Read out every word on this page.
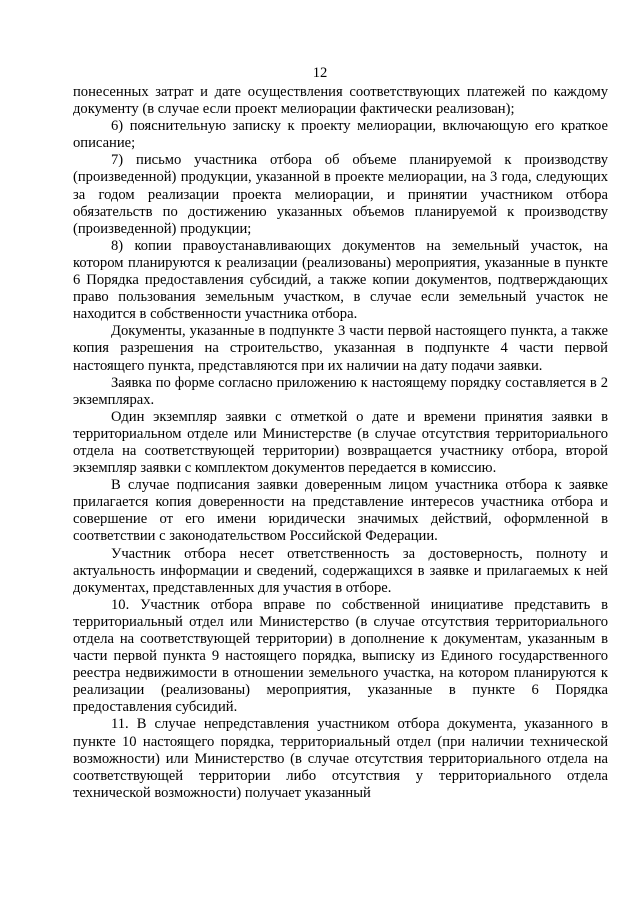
12

понесенных затрат и дате осуществления соответствующих платежей по каждому документу (в случае если проект мелиорации фактически реализован);

6) пояснительную записку к проекту мелиорации, включающую его краткое описание;

7) письмо участника отбора об объеме планируемой к производству (произведенной) продукции, указанной в проекте мелиорации, на 3 года, следующих за годом реализации проекта мелиорации, и принятии участником отбора обязательств по достижению указанных объемов планируемой к производству (произведенной) продукции;

8) копии правоустанавливающих документов на земельный участок, на котором планируются к реализации (реализованы) мероприятия, указанные в пункте 6 Порядка предоставления субсидий, а также копии документов, подтверждающих право пользования земельным участком, в случае если земельный участок не находится в собственности участника отбора.

Документы, указанные в подпункте 3 части первой настоящего пункта, а также копия разрешения на строительство, указанная в подпункте 4 части первой настоящего пункта, представляются при их наличии на дату подачи заявки.

Заявка по форме согласно приложению к настоящему порядку составляется в 2 экземплярах.

Один экземпляр заявки с отметкой о дате и времени принятия заявки в территориальном отделе или Министерстве (в случае отсутствия территориального отдела на соответствующей территории) возвращается участнику отбора, второй экземпляр заявки с комплектом документов передается в комиссию.

В случае подписания заявки доверенным лицом участника отбора к заявке прилагается копия доверенности на представление интересов участника отбора и совершение от его имени юридически значимых действий, оформленной в соответствии с законодательством Российской Федерации.

Участник отбора несет ответственность за достоверность, полноту и актуальность информации и сведений, содержащихся в заявке и прилагаемых к ней документах, представленных для участия в отборе.

10. Участник отбора вправе по собственной инициативе представить в территориальный отдел или Министерство (в случае отсутствия территориального отдела на соответствующей территории) в дополнение к документам, указанным в части первой пункта 9 настоящего порядка, выписку из Единого государственного реестра недвижимости в отношении земельного участка, на котором планируются к реализации (реализованы) мероприятия, указанные в пункте 6 Порядка предоставления субсидий.

11. В случае непредставления участником отбора документа, указанного в пункте 10 настоящего порядка, территориальный отдел (при наличии технической возможности) или Министерство (в случае отсутствия территориального отдела на соответствующей территории либо отсутствия у территориального отдела технической возможности) получает указанный
